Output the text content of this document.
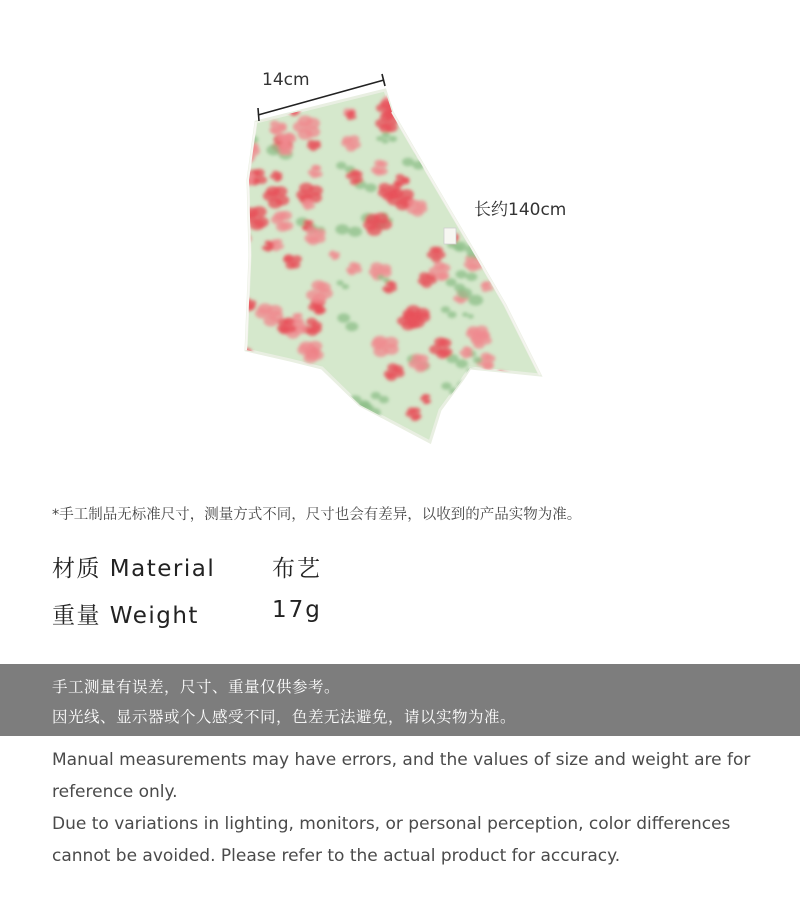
14cm
长约140cm
*手工制品无标准尺寸，测量方式不同，尺寸也会有差异，以收到的产品实物为准。
材质 Material 布艺
重量 Weight	17g
手工测量有误差，尺寸、重量仅供参考。
因光线、显示器或个人感受不同，色差无法避免，请以实物为准。

Manual measurements may have errors, and the values of size and weight are for reference only.

Due to variations in lighting, monitors, or personal perception, color differences cannot be avoided. Please refer to the actual product for accuracy.
